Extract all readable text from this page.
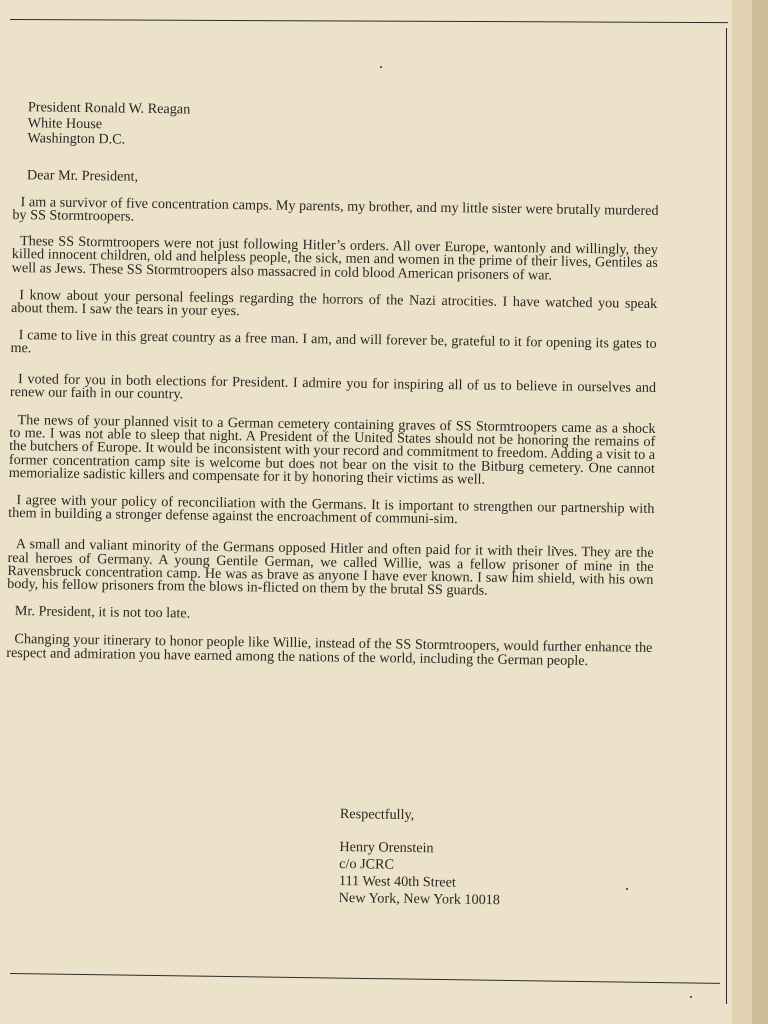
President Ronald W. Reagan
White House
Washington D.C.
Dear Mr. President,

I am a survivor of five concentration camps. My parents, my brother, and my little sister were brutally murdered by SS Stormtroopers.

These SS Stormtroopers were not just following Hitler’s orders. All over Europe, wantonly and willingly, they killed innocent children, old and helpless people, the sick, men and women in the prime of their lives, Gentiles as well as Jews. These SS Stormtroopers also massacred in cold blood American prisoners of war.

I know about your personal feelings regarding the horrors of the Nazi atrocities. I have watched you speak about them. I saw the tears in your eyes.

I came to live in this great country as a free man. I am, and will forever be, grateful to it for opening its gates to me.

I voted for you in both elections for President. I admire you for inspiring all of us to believe in ourselves and renew our faith in our country.

The news of your planned visit to a German cemetery containing graves of SS Stormtroopers came as a shock to me. I was not able to sleep that night. A President of the United States should not be honoring the remains of the butchers of Europe. It would be inconsistent with your record and commitment to freedom. Adding a visit to a former concentration camp site is welcome but does not bear on the visit to the Bitburg cemetery. One cannot memorialize sadistic killers and compensate for it by honoring their victims as well.

I agree with your policy of reconciliation with the Germans. It is important to strengthen our partnership with them in building a stronger defense against the encroachment of communi-sim.

A small and valiant minority of the Germans opposed Hitler and often paid for it with their lives. They are the real heroes of Germany. A young Gentile German, we called Willie, was a fellow prisoner of mine in the Ravensbruck concentration camp. He was as brave as anyone I have ever known. I saw him shield, with his own body, his fellow prisoners from the blows in-flicted on them by the brutal SS guards.

Mr. President, it is not too late.

Changing your itinerary to honor people like Willie, instead of the SS Stormtroopers, would further enhance the respect and admiration you have earned among the nations of the world, including the German people.

Respectfully,
Henry Orenstein
c/o JCRC
111 West 40th Street
New York, New York 10018
